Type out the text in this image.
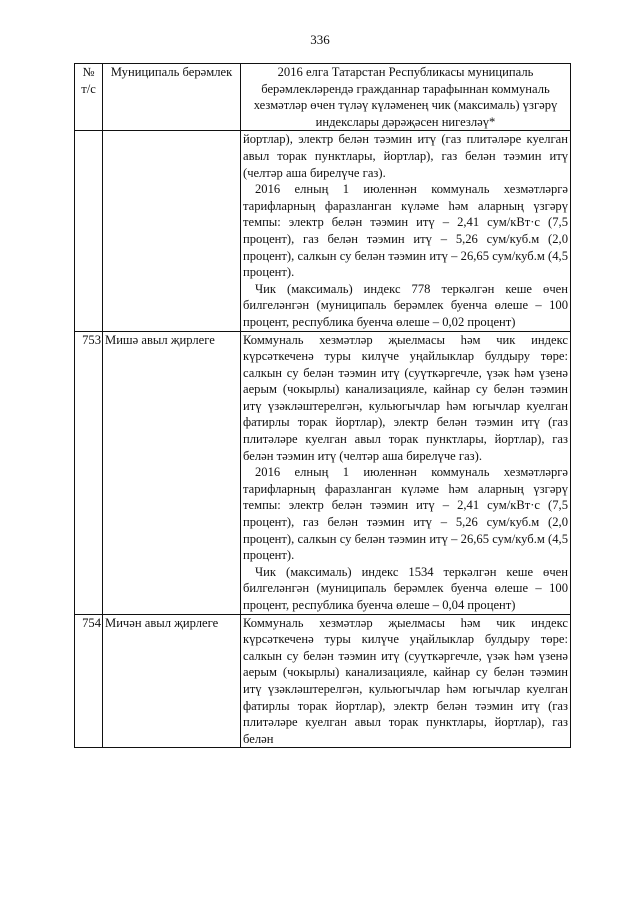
336
№ т/с	Муниципаль берәмлек	2016 елга Татарстан Республикасы муниципаль берәмлекләрендә гражданнар тарафыннан коммуналь хезмәтләр өчен түләү күләменең чик (максималь) үзгәрү индекслары дәрәҗәсен нигезләү*

		йортлар), электр белән тәэмин итү (газ плитәләре куелган авыл торак пунктлары, йортлар), газ белән тәэмин итү (челтәр аша бирелүче газ).
2016 елның 1 июленнән коммуналь хезмәтләргә тарифларның фаразланган күләме һәм аларның үзгәрү темпы: электр белән тәэмин итү – 2,41 сум/кВт·с (7,5 процент), газ белән тәэмин итү – 5,26 сум/куб.м (2,0 процент), салкын су белән тәэмин итү – 26,65 сум/куб.м (4,5 процент).
Чик (максималь) индекс 778 теркәлгән кеше өчен билгеләнгән (муниципаль берәмлек буенча өлеше – 100 процент, республика буенча өлеше – 0,02 процент)

753	Мишә авыл җирлеге	Коммуналь хезмәтләр җыелмасы һәм чик индекс күрсәткеченә туры килүче уңайлыклар булдыру төре: салкын су белән тәэмин итү (суүткәргечле, үзәк һәм үзенә аерым (чокырлы) канализацияле, кайнар су белән тәэмин итү үзәкләштерелгән, кульюгычлар һәм югычлар куелган фатирлы торак йортлар), электр белән тәэмин итү (газ плитәләре куелган авыл торак пунктлары, йортлар), газ белән тәэмин итү (челтәр аша бирелүче газ).
2016 елның 1 июленнән коммуналь хезмәтләргә тарифларның фаразланган күләме һәм аларның үзгәрү темпы: электр белән тәэмин итү – 2,41 сум/кВт·с (7,5 процент), газ белән тәэмин итү – 5,26 сум/куб.м (2,0 процент), салкын су белән тәэмин итү – 26,65 сум/куб.м (4,5 процент).
Чик (максималь) индекс 1534 теркәлгән кеше өчен билгеләнгән (муниципаль берәмлек буенча өлеше – 100 процент, республика буенча өлеше – 0,04 процент)

754	Мичән авыл җирлеге	Коммуналь хезмәтләр җыелмасы һәм чик индекс күрсәткеченә туры килүче уңайлыклар булдыру төре: салкын су белән тәэмин итү (суүткәргечле, үзәк һәм үзенә аерым (чокырлы) канализацияле, кайнар су белән тәэмин итү үзәкләштерелгән, кульюгычлар һәм югычлар куелган фатирлы торак йортлар), электр белән тәэмин итү (газ плитәләре куелган авыл торак пунктлары, йортлар), газ белән
